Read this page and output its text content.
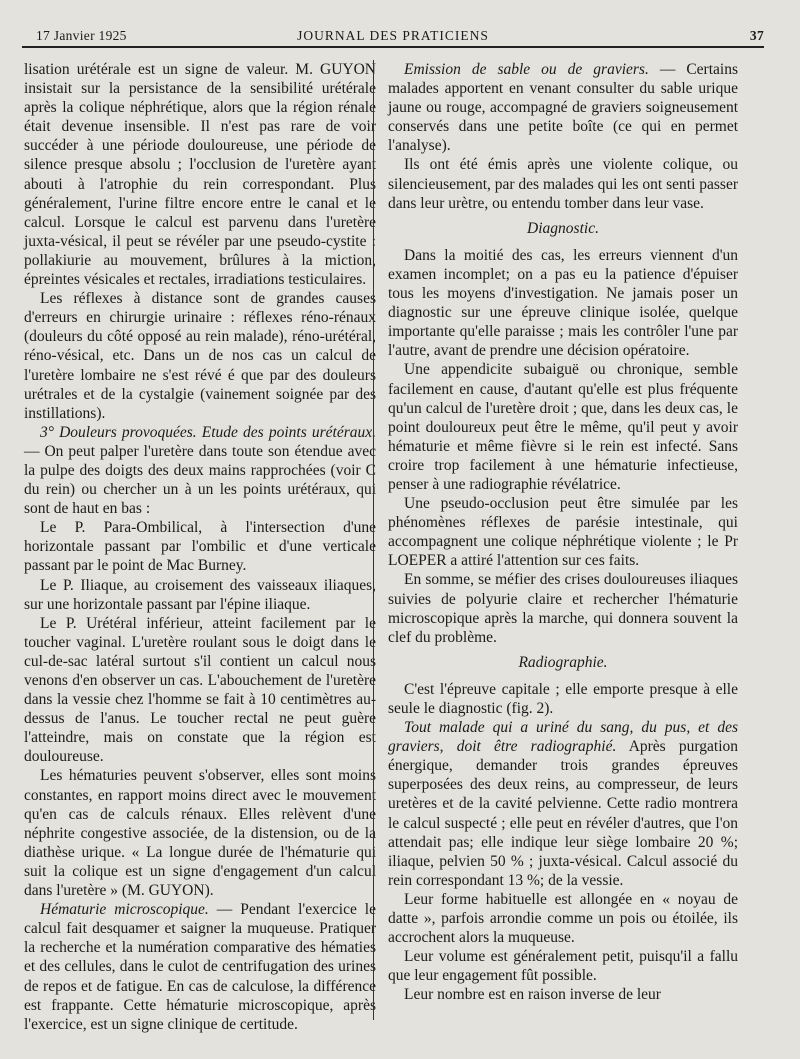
17 Janvier 1925	JOURNAL DES PRATICIENS	37

lisation urétérale est un signe de valeur. M. GUYON insistait sur la persistance de la sensibilité urétérale après la colique néphrétique, alors que la région rénale était devenue insensible. Il n'est pas rare de voir succéder à une période douloureuse, une période de silence presque absolu ; l'occlusion de l'uretère ayant abouti à l'atrophie du rein correspondant. Plus généralement, l'urine filtre encore entre le canal et le calcul. Lorsque le calcul est parvenu dans l'uretère juxta-vésical, il peut se révéler par une pseudo-cystite : pollakiurie au mouvement, brûlures à la miction, épreintes vésicales et rectales, irradiations testiculaires.

Les réflexes à distance sont de grandes causes d'erreurs en chirurgie urinaire : réflexes réno-rénaux (douleurs du côté opposé au rein malade), réno-urétéral, réno-vésical, etc. Dans un de nos cas un calcul de l'uretère lombaire ne s'est révé é que par des douleurs urétrales et de la cystalgie (vainement soignée par des instillations).

3° Douleurs provoquées. Etude des points urétéraux. — On peut palper l'uretère dans toute son étendue avec la pulpe des doigts des deux mains rapprochées (voir C du rein) ou chercher un à un les points urétéraux, qui sont de haut en bas :

Le P. Para-Ombilical, à l'intersection d'une horizontale passant par l'ombilic et d'une verticale passant par le point de Mac Burney.

Le P. Iliaque, au croisement des vaisseaux iliaques, sur une horizontale passant par l'épine iliaque.

Le P. Urétéral inférieur, atteint facilement par le toucher vaginal. L'uretère roulant sous le doigt dans le cul-de-sac latéral surtout s'il contient un calcul nous venons d'en observer un cas. L'abouchement de l'uretère dans la vessie chez l'homme se fait à 10 centimètres au-dessus de l'anus. Le toucher rectal ne peut guère l'atteindre, mais on constate que la région est douloureuse.

Les hématuries peuvent s'observer, elles sont moins constantes, en rapport moins direct avec le mouvement qu'en cas de calculs rénaux. Elles relèvent d'une néphrite congestive associée, de la distension, ou de la diathèse urique. « La longue durée de l'hématurie qui suit la colique est un signe d'engagement d'un calcul dans l'uretère » (M. GUYON).

Hématurie microscopique. — Pendant l'exercice le calcul fait desquamer et saigner la muqueuse. Pratiquer la recherche et la numération comparative des hématies et des cellules, dans le culot de centrifugation des urines de repos et de fatigue. En cas de calculose, la différence est frappante. Cette hématurie microscopique, après l'exercice, est un signe clinique de certitude.

Emission de sable ou de graviers. — Certains malades apportent en venant consulter du sable urique jaune ou rouge, accompagné de graviers soigneusement conservés dans une petite boîte (ce qui en permet l'analyse).

Ils ont été émis après une violente colique, ou silencieusement, par des malades qui les ont senti passer dans leur urètre, ou entendu tomber dans leur vase.

Diagnostic.

Dans la moitié des cas, les erreurs viennent d'un examen incomplet; on a pas eu la patience d'épuiser tous les moyens d'investigation. Ne jamais poser un diagnostic sur une épreuve clinique isolée, quelque importante qu'elle paraisse ; mais les contrôler l'une par l'autre, avant de prendre une décision opératoire.

Une appendicite subaiguë ou chronique, semble facilement en cause, d'autant qu'elle est plus fréquente qu'un calcul de l'uretère droit ; que, dans les deux cas, le point douloureux peut être le même, qu'il peut y avoir hématurie et même fièvre si le rein est infecté. Sans croire trop facilement à une hématurie infectieuse, penser à une radiographie révélatrice.

Une pseudo-occlusion peut être simulée par les phénomènes réflexes de parésie intestinale, qui accompagnent une colique néphrétique violente ; le Pr LOEPER a attiré l'attention sur ces faits.

En somme, se méfier des crises douloureuses iliaques suivies de polyurie claire et rechercher l'hématurie microscopique après la marche, qui donnera souvent la clef du problème.

Radiographie.

C'est l'épreuve capitale ; elle emporte presque à elle seule le diagnostic (fig. 2).

Tout malade qui a uriné du sang, du pus, et des graviers, doit être radiographié. Après purgation énergique, demander trois grandes épreuves superposées des deux reins, au compresseur, de leurs uretères et de la cavité pelvienne. Cette radio montrera le calcul suspecté ; elle peut en révéler d'autres, que l'on attendait pas; elle indique leur siège lombaire 20 %; iliaque, pelvien 50 % ; juxta-vésical. Calcul associé du rein correspondant 13 %; de la vessie.

Leur forme habituelle est allongée en « noyau de datte », parfois arrondie comme un pois ou étoilée, ils accrochent alors la muqueuse.

Leur volume est généralement petit, puisqu'il a fallu que leur engagement fût possible.

Leur nombre est en raison inverse de leur
